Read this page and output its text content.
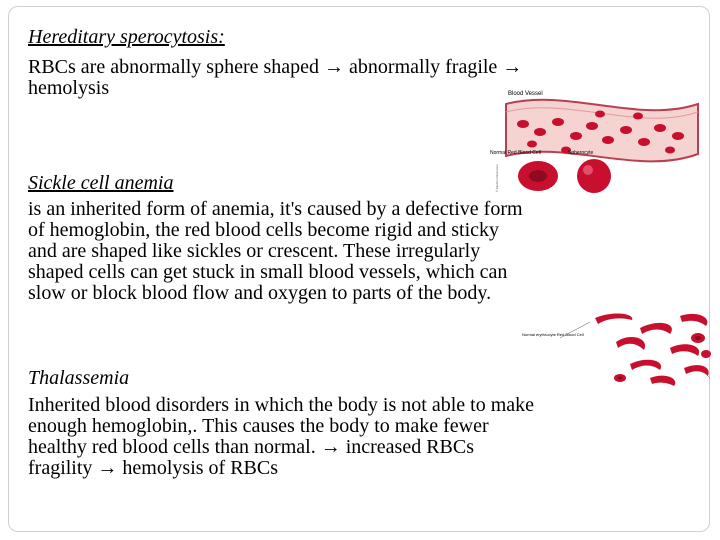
Hereditary sperocytosis:
RBCs are abnormally sphere shaped → abnormally fragile →
hemolysis	Blood Vessel
Normal Red Blood Cell	Spherocyte
© Medical Illustration
Sickle cell anemia
is an inherited form of anemia, it's caused by a defective form
of hemoglobin, the red blood cells become rigid and sticky
and are shaped like sickles or crescent. These irregularly
shaped cells can get stuck in small blood vessels, which can
slow or block blood flow and oxygen to parts of the body.
Normal erythrocyte Red Blood Cell
Thalassemia
Inherited blood disorders in which the body is not able to make
enough hemoglobin,. This causes the body to make fewer
healthy red blood cells than normal. → increased RBCs
fragility → hemolysis of RBCs
